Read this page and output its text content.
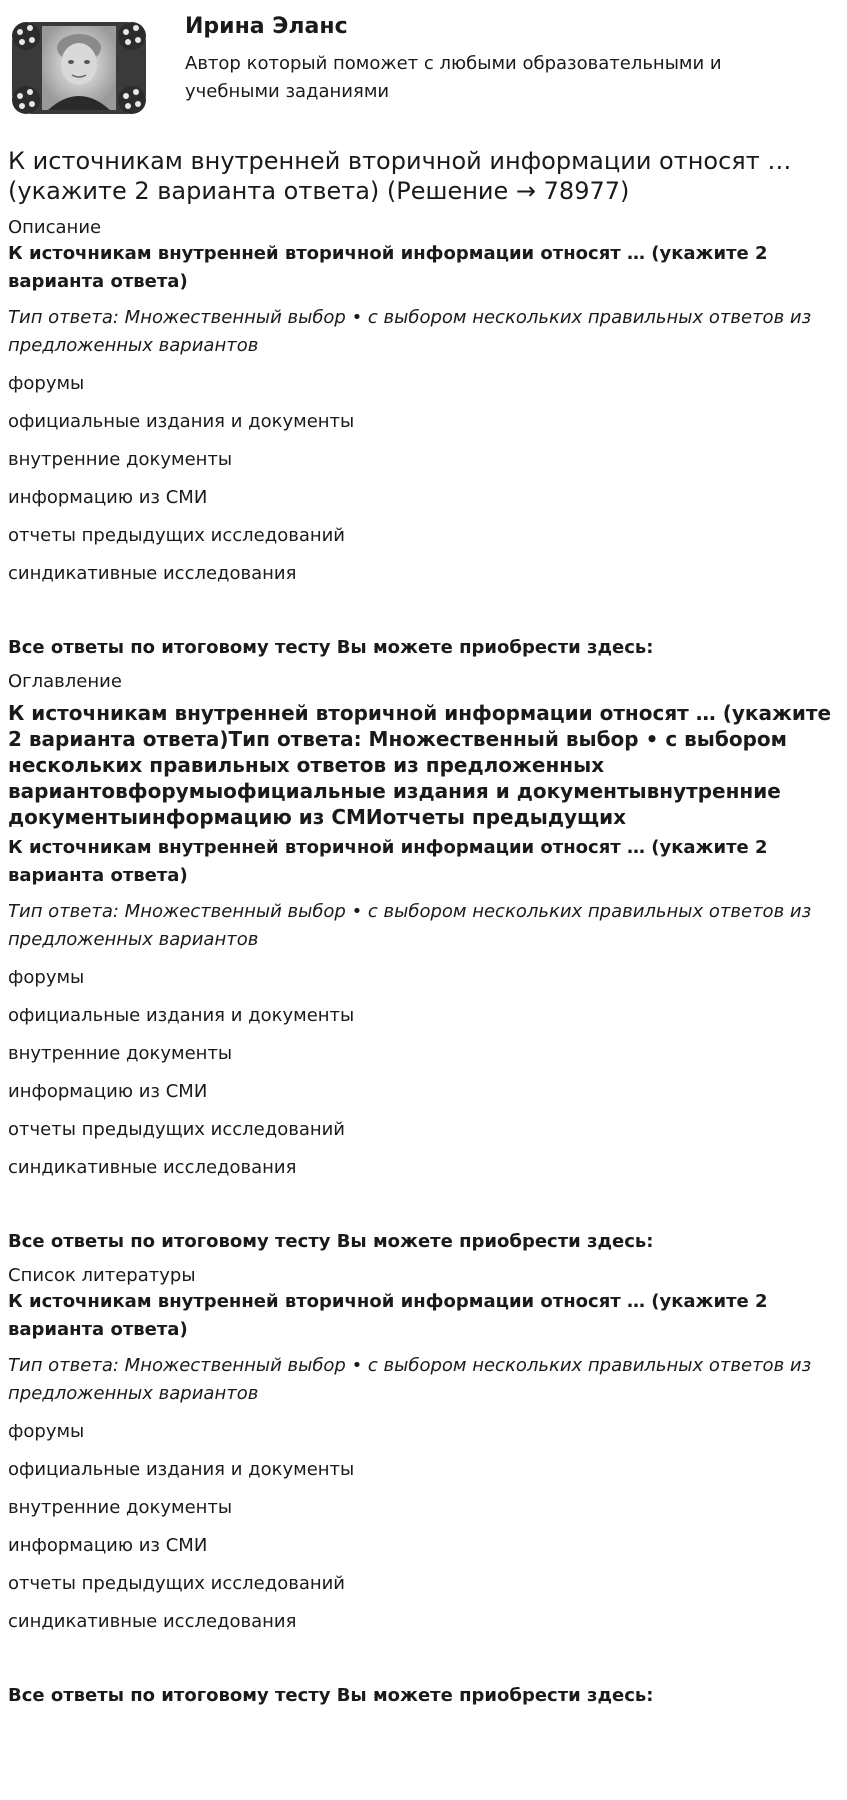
Ирина Эланс

Автор который поможет с любыми образовательными и учебными заданиями

К источникам внутренней вторичной информации относят … (укажите 2 варианта ответа) (Решение → 78977)

Описание

К источникам внутренней вторичной информации относят … (укажите 2 варианта ответа)

Тип ответа: Множественный выбор • с выбором нескольких правильных ответов из предложенных вариантов

форумы
официальные издания и документы
внутренние документы
информацию из СМИ
отчеты предыдущих исследований
синдикативные исследования

Все ответы по итоговому тесту Вы можете приобрести здесь:

Оглавление

К источникам внутренней вторичной информации относят … (укажите 2 варианта ответа)Тип ответа: Множественный выбор • с выбором нескольких правильных ответов из предложенных вариантовфорумыофициальные издания и документывнутренние документыинформацию из СМИотчеты предыдущих

К источникам внутренней вторичной информации относят … (укажите 2 варианта ответа)

Тип ответа: Множественный выбор • с выбором нескольких правильных ответов из предложенных вариантов

форумы
официальные издания и документы
внутренние документы
информацию из СМИ
отчеты предыдущих исследований
синдикативные исследования

Все ответы по итоговому тесту Вы можете приобрести здесь:

Список литературы

К источникам внутренней вторичной информации относят … (укажите 2 варианта ответа)

Тип ответа: Множественный выбор • с выбором нескольких правильных ответов из предложенных вариантов

форумы
официальные издания и документы
внутренние документы
информацию из СМИ
отчеты предыдущих исследований
синдикативные исследования

Все ответы по итоговому тесту Вы можете приобрести здесь:
